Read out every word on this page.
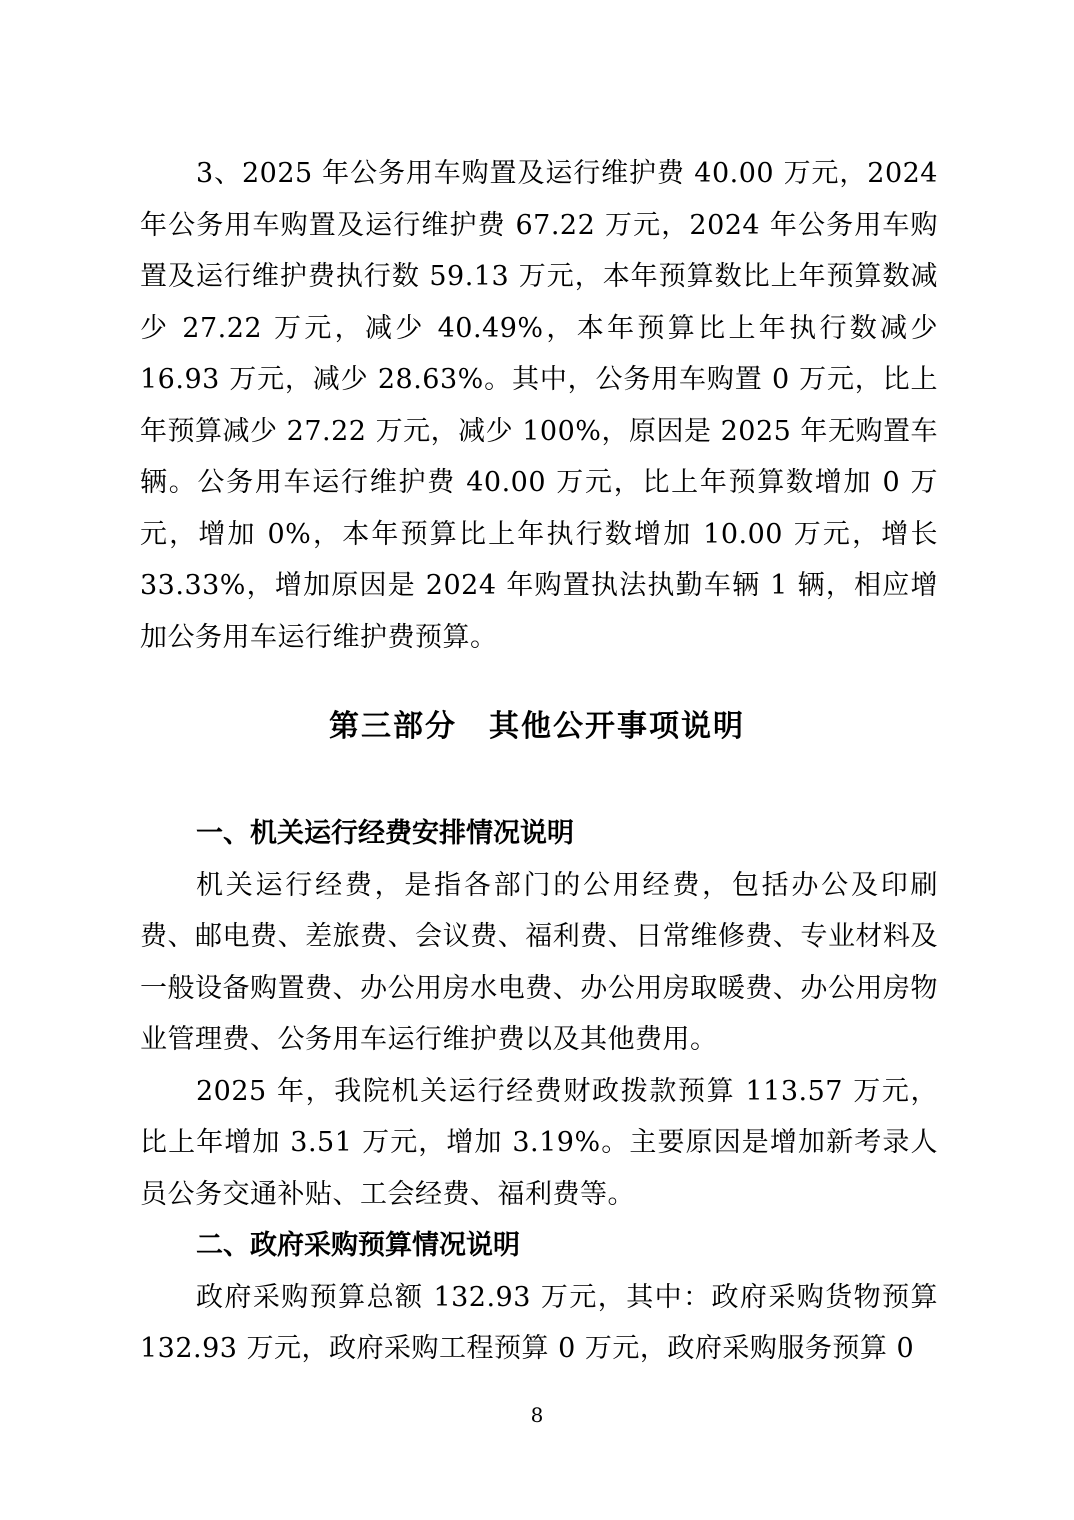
3、2025 年公务用车购置及运行维护费 40.00 万元，2024 年公务用车购置及运行维护费 67.22 万元，2024 年公务用车购置及运行维护费执行数 59.13 万元，本年预算数比上年预算数减少 27.22 万元，减少 40.49%，本年预算比上年执行数减少 16.93 万元，减少 28.63%。其中，公务用车购置 0 万元，比上年预算减少 27.22 万元，减少 100%，原因是 2025 年无购置车辆。公务用车运行维护费 40.00 万元，比上年预算数增加 0 万元，增加 0%，本年预算比上年执行数增加 10.00 万元，增长 33.33%，增加原因是 2024 年购置执法执勤车辆 1 辆，相应增加公务用车运行维护费预算。

第三部分　其他公开事项说明

一、机关运行经费安排情况说明

机关运行经费，是指各部门的公用经费，包括办公及印刷费、邮电费、差旅费、会议费、福利费、日常维修费、专业材料及一般设备购置费、办公用房水电费、办公用房取暖费、办公用房物业管理费、公务用车运行维护费以及其他费用。

2025 年，我院机关运行经费财政拨款预算 113.57 万元，比上年增加 3.51 万元，增加 3.19%。主要原因是增加新考录人员公务交通补贴、工会经费、福利费等。

二、政府采购预算情况说明

政府采购预算总额 132.93 万元，其中：政府采购货物预算 132.93 万元，政府采购工程预算 0 万元，政府采购服务预算 0

8
